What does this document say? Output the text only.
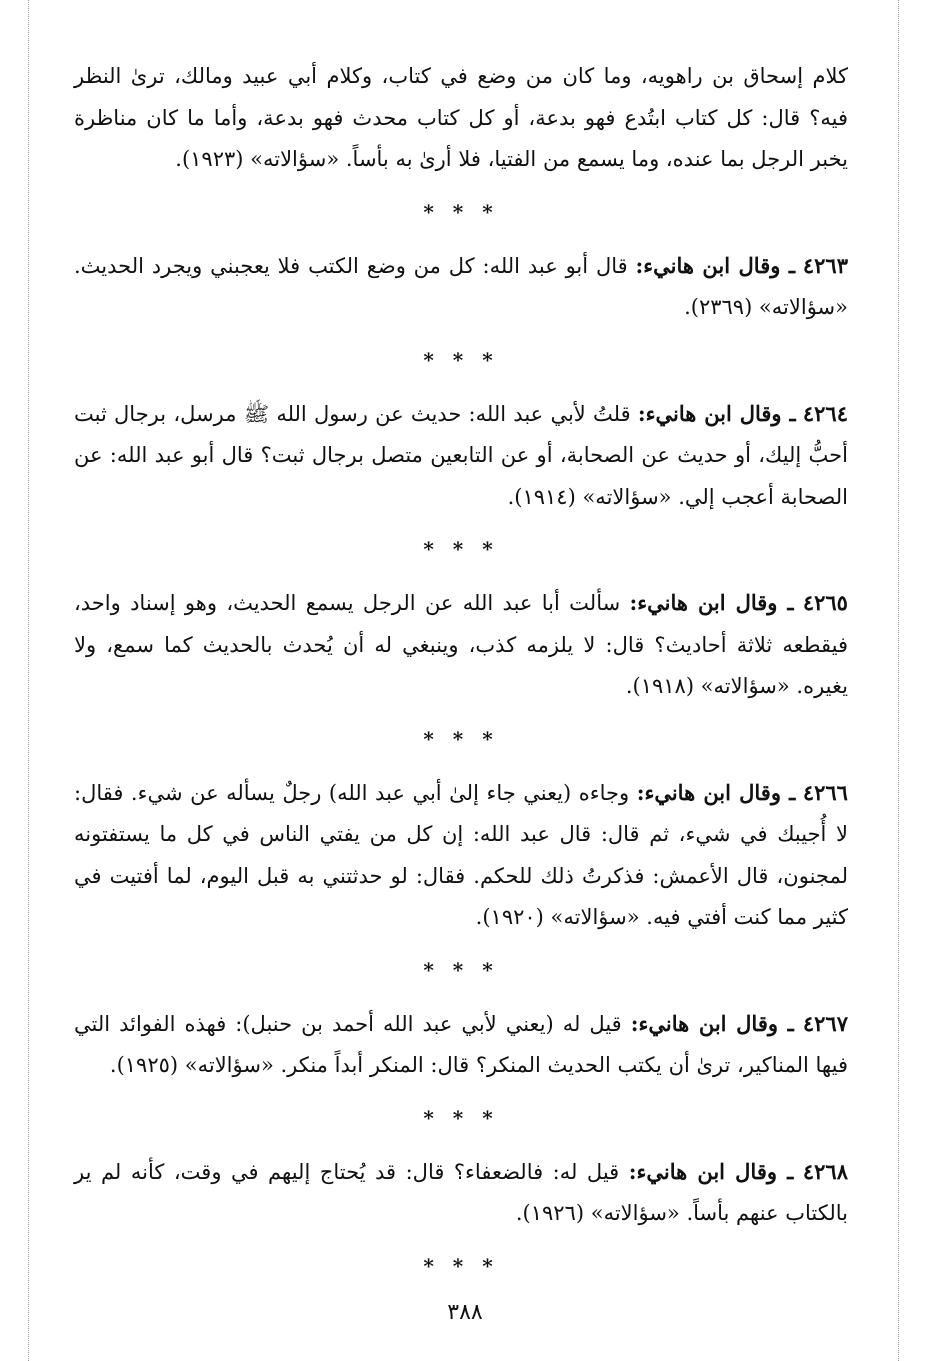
كلام إسحاق بن راهويه، وما كان من وضع في كتاب، وكلام أبي عبيد ومالك، ترىٰ النظر فيه؟ قال: كل كتاب ابتُدع فهو بدعة، أو كل كتاب محدث فهو بدعة، وأما ما كان مناظرة يخبر الرجل بما عنده، وما يسمع من الفتيا، فلا أرىٰ به بأساً. «سؤالاته» (١٩٢٣).

* * *

٤٢٦٣ ـ وقال ابن هانيء: قال أبو عبد الله: كل من وضع الكتب فلا يعجبني ويجرد الحديث. «سؤالاته» (٢٣٦٩).

* * *

٤٢٦٤ ـ وقال ابن هانيء: قلتُ لأبي عبد الله: حديث عن رسول الله ﷺ مرسل، برجال ثبت أحبُّ إليك، أو حديث عن الصحابة، أو عن التابعين متصل برجال ثبت؟ قال أبو عبد الله: عن الصحابة أعجب إلي. «سؤالاته» (١٩١٤).

* * *

٤٢٦٥ ـ وقال ابن هانيء: سألت أبا عبد الله عن الرجل يسمع الحديث، وهو إسناد واحد، فيقطعه ثلاثة أحاديث؟ قال: لا يلزمه كذب، وينبغي له أن يُحدث بالحديث كما سمع، ولا يغيره. «سؤالاته» (١٩١٨).

* * *

٤٢٦٦ ـ وقال ابن هانيء: وجاءه (يعني جاء إلىٰ أبي عبد الله) رجلٌ يسأله عن شيء. فقال: لا أُجيبك في شيء، ثم قال: قال عبد الله: إن كل من يفتي الناس في كل ما يستفتونه لمجنون، قال الأعمش: فذكرتُ ذلك للحكم. فقال: لو حدثتني به قبل اليوم، لما أفتيت في كثير مما كنت أفتي فيه. «سؤالاته» (١٩٢٠).

* * *

٤٢٦٧ ـ وقال ابن هانيء: قيل له (يعني لأبي عبد الله أحمد بن حنبل): فهذه الفوائد التي فيها المناكير، ترىٰ أن يكتب الحديث المنكر؟ قال: المنكر أبداً منكر. «سؤالاته» (١٩٢٥).

* * *

٤٢٦٨ ـ وقال ابن هانيء: قيل له: فالضعفاء؟ قال: قد يُحتاج إليهم في وقت، كأنه لم ير بالكتاب عنهم بأساً. «سؤالاته» (١٩٢٦).

* * *
٣٨٨
